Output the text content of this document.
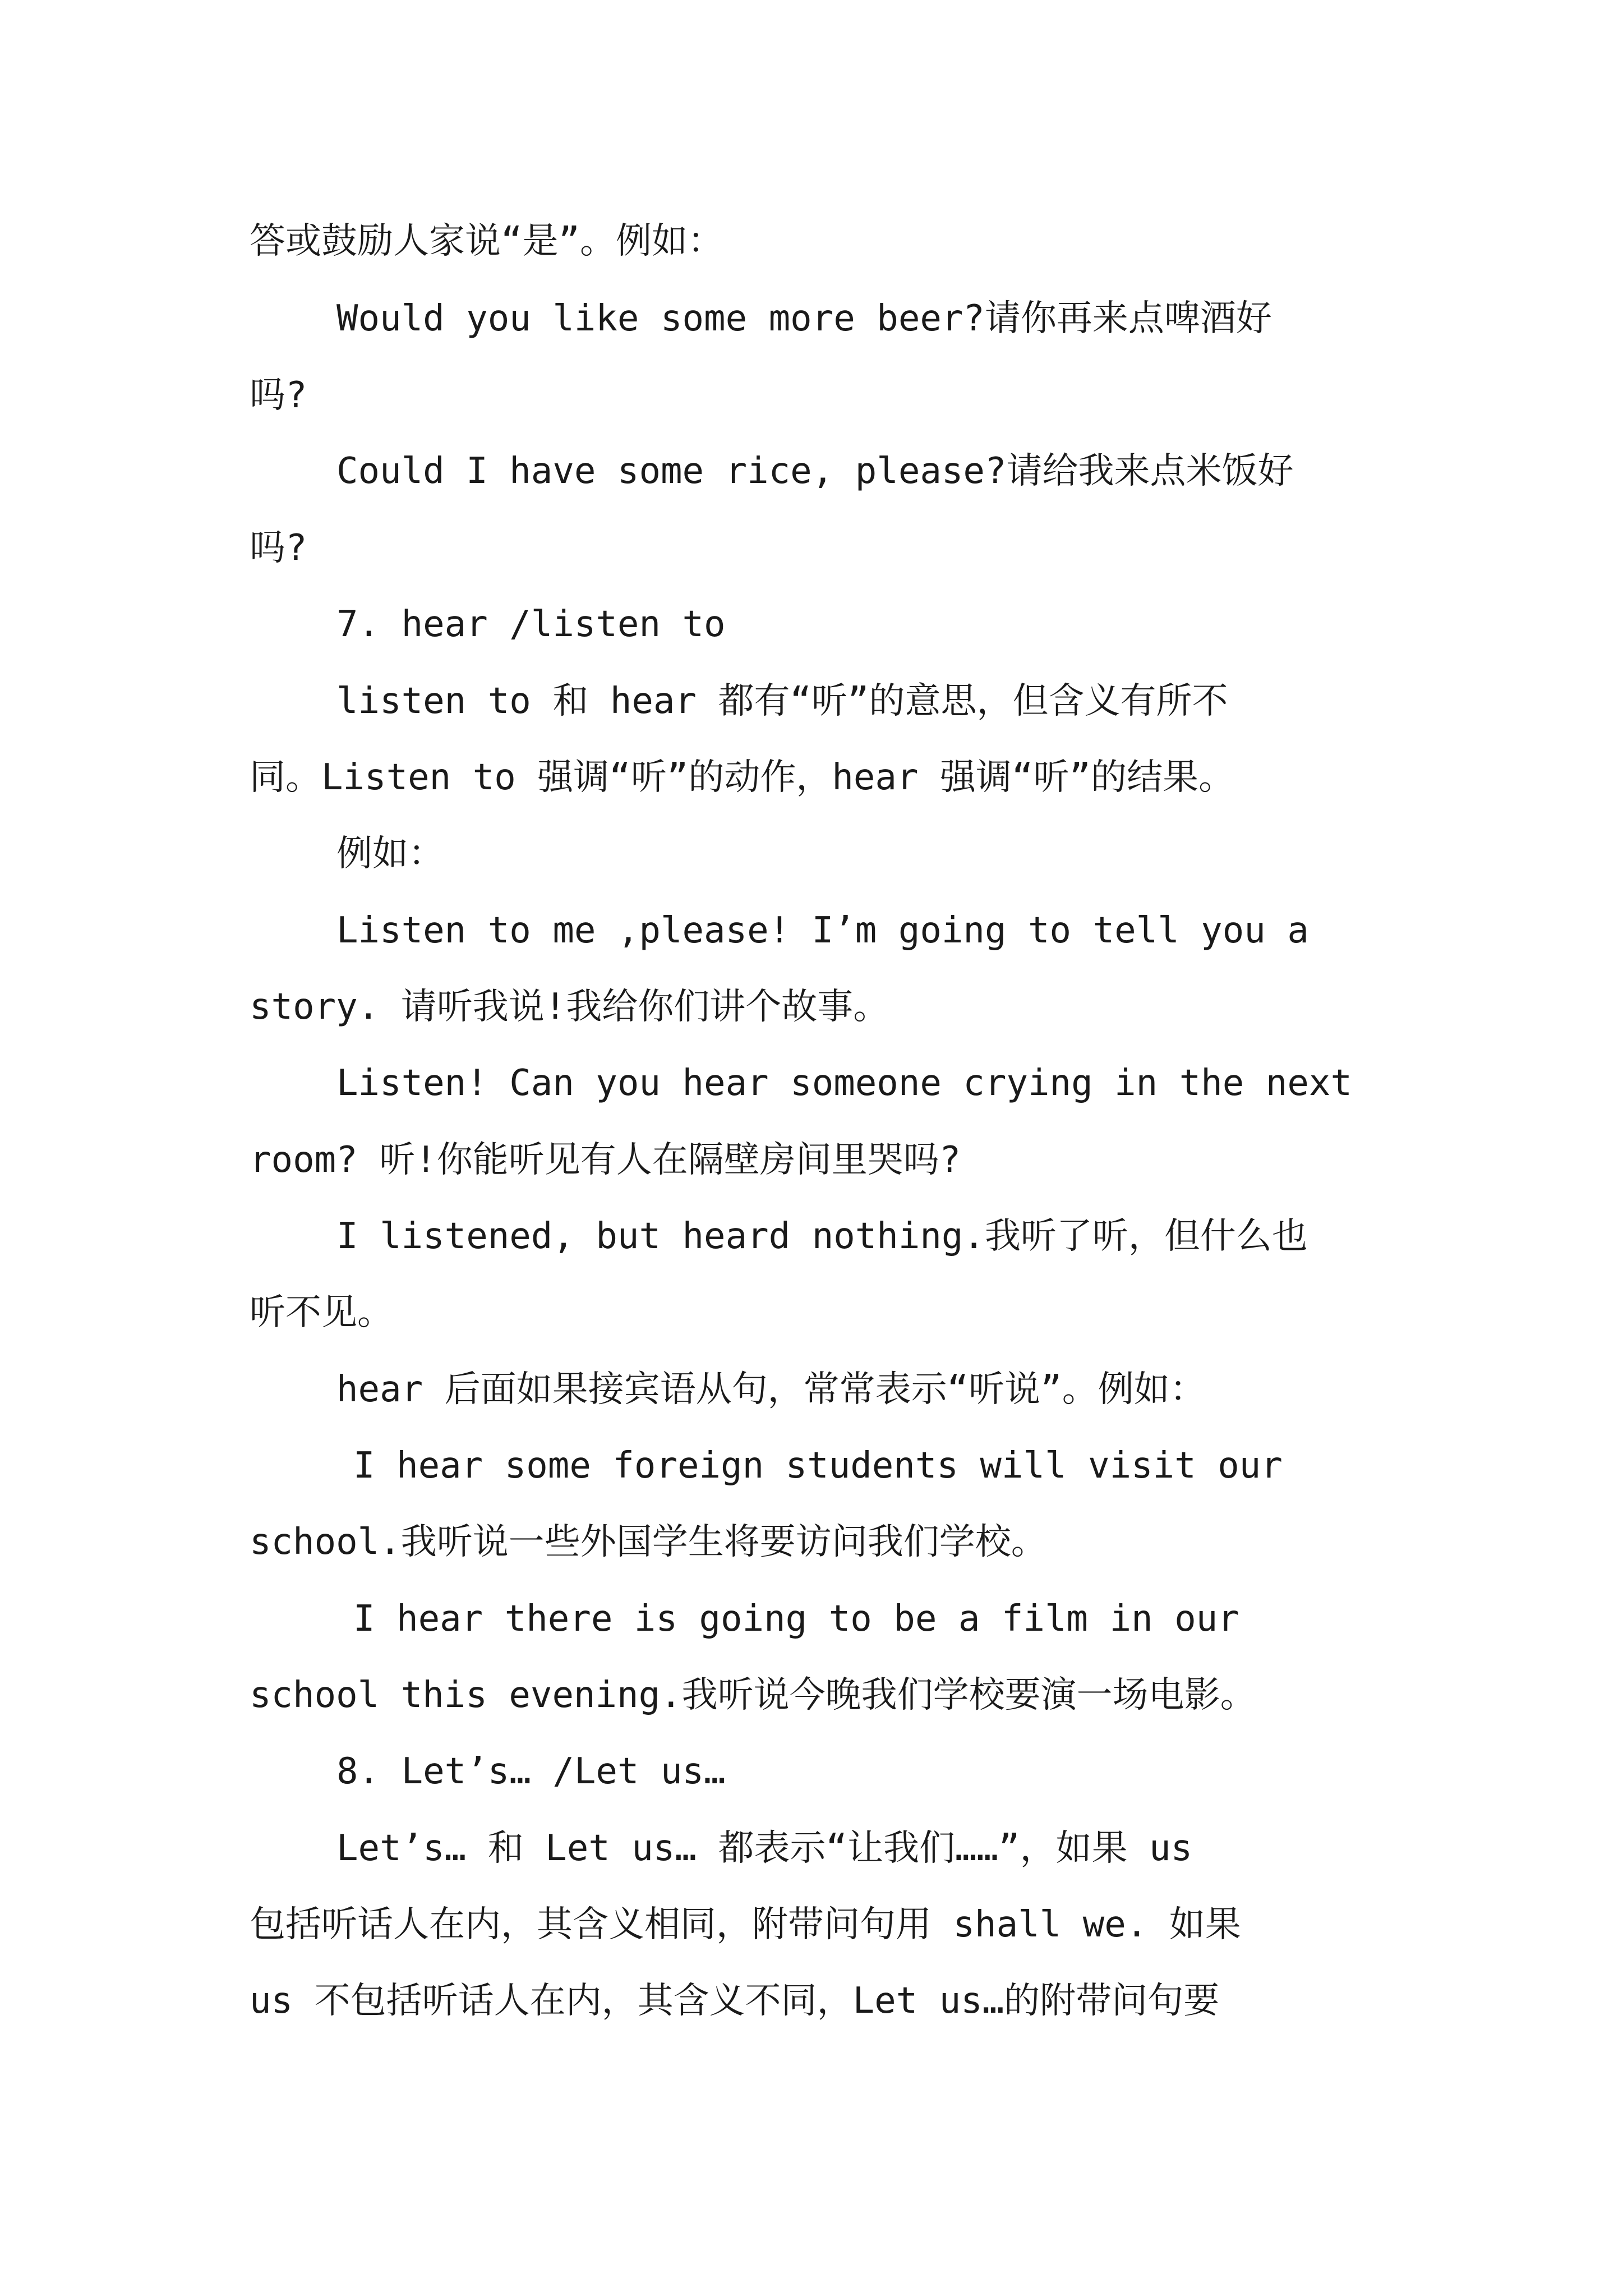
答或鼓励人家说“是”。例如：
Would you like some more beer?请你再来点啤酒好
吗?
Could I have some rice, please?请给我来点米饭好
吗?
7. hear /listen to
listen to 和 hear 都有“听”的意思，但含义有所不
同。Listen to 强调“听”的动作，hear 强调“听”的结果。
例如：
Listen to me ,please! I’m going to tell you a
story. 请听我说!我给你们讲个故事。
Listen! Can you hear someone crying in the next
room? 听!你能听见有人在隔壁房间里哭吗?
I listened, but heard nothing.我听了听，但什么也
听不见。
hear 后面如果接宾语从句，常常表示“听说”。例如：
I hear some foreign students will visit our
school.我听说一些外国学生将要访问我们学校。
I hear there is going to be a film in our
school this evening.我听说今晚我们学校要演一场电影。
8. Let’s… /Let us…
Let’s… 和 Let us… 都表示“让我们……”，如果 us
包括听话人在内，其含义相同，附带问句用 shall we. 如果
us 不包括听话人在内，其含义不同，Let us…的附带问句要
